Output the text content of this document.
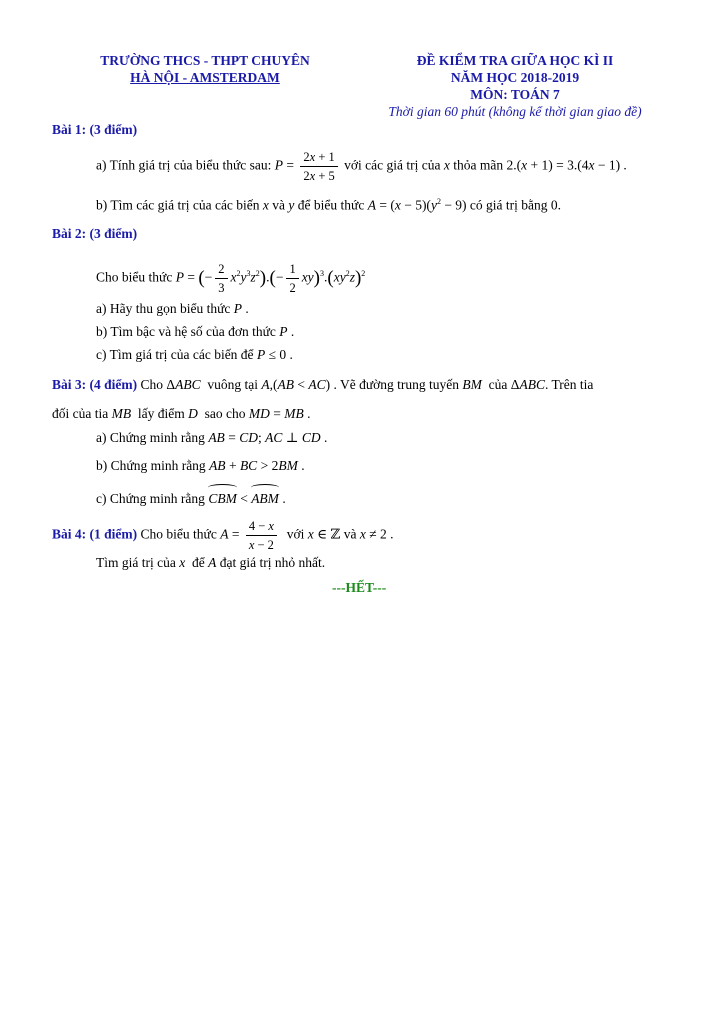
TRƯỜNG THCS - THPT CHUYÊN
HÀ NỘI - AMSTERDAM
ĐỀ KIỂM TRA GIỮA HỌC KÌ II
NĂM HỌC 2018-2019
MÔN: TOÁN 7
Thời gian 60 phút (không kể thời gian giao đề)
Bài 1: (3 điểm)
a) Tính giá trị của biểu thức sau: $P = \frac{2x + 1}{2x + 5}$ với các giá trị của x thỏa mãn 2.(x + 1) = 3.(4x − 1) .
b) Tìm các giá trị của các biến x và y để biểu thức $A = (x - 5)(y^2 - 9)$ có giá trị bằng 0.
Bài 2: (3 điểm)
Cho biểu thức P = (− $\frac{2}{3} x^2y^3z^2).(- \frac{1}{2} xy)^3.(xy^2z)^2$
a) Hãy thu gọn biểu thức P .
b) Tìm bậc và hệ số của đơn thức P .
c) Tìm giá trị của các biến để P ≤ 0 .
Bài 3: (4 điểm) Cho ΔABC vuông tại A,(AB < AC) . Vẽ đường trung tuyến BM của ΔABC. Trên tia
đối của tia MB lấy điểm D sao cho MD = MB .
a) Chứng minh rằng AB = CD; AC ⊥ CD .
b) Chứng minh rằng AB + BC > 2BM .
c) Chứng minh rằng CBM < ABM .
Bài 4: (1 điểm) Cho biểu thức $A = \frac{4 - x}{x - 2}$ với x ∈ ℤ và x ≠ 2 .
Tìm giá trị của x để A đạt giá trị nhỏ nhất.
---HẾT---
